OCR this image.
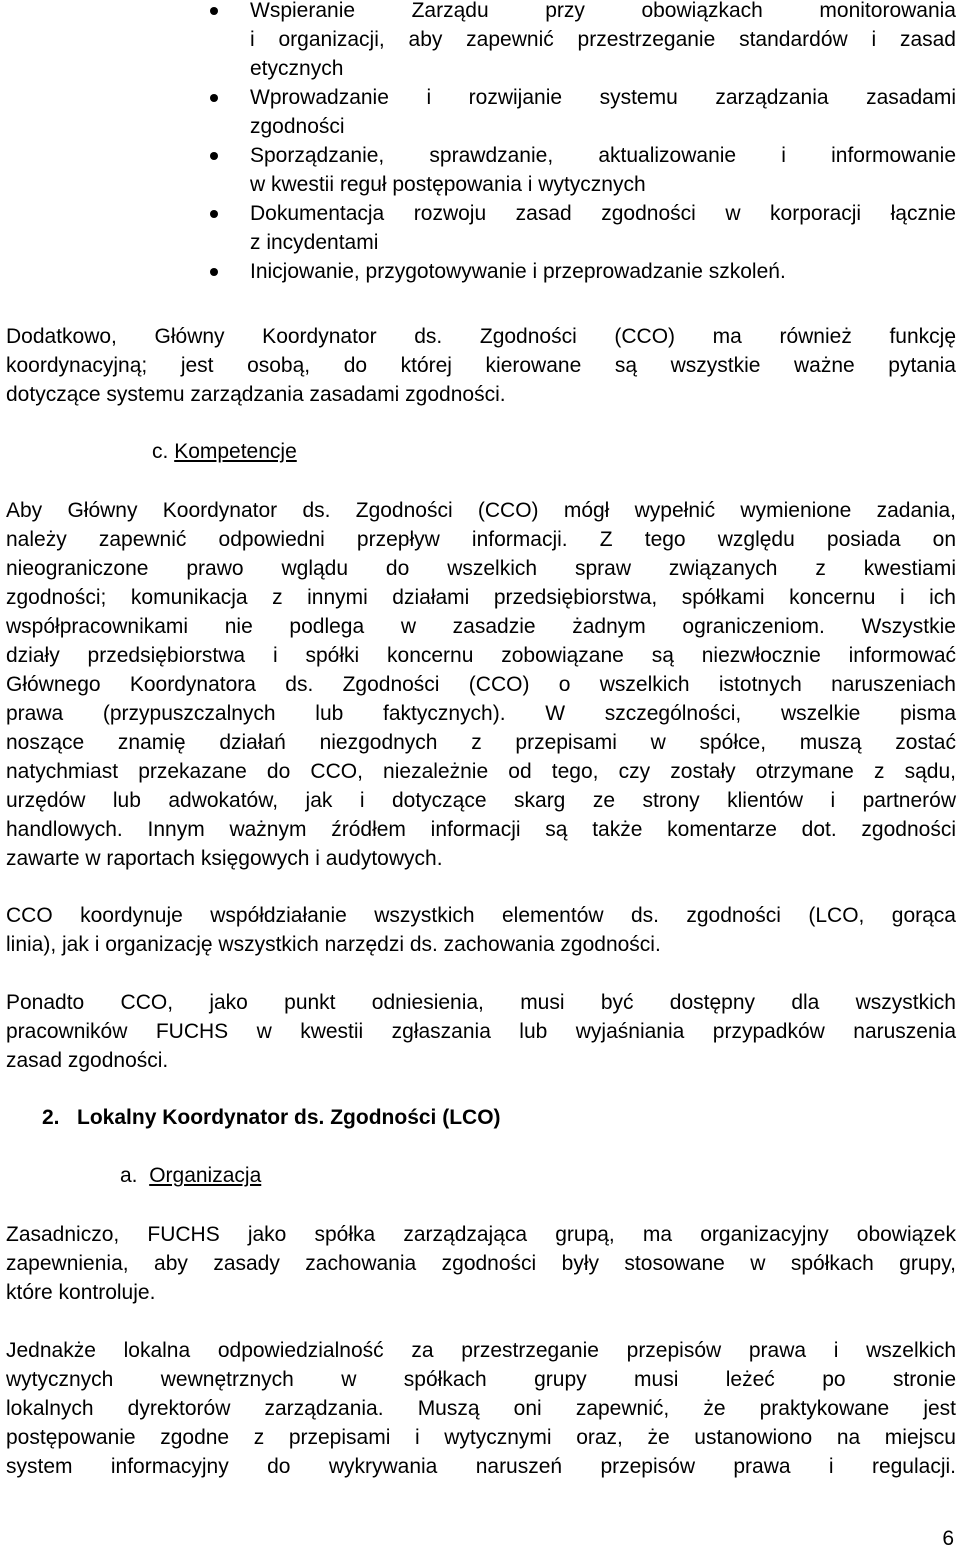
Wspieranie Zarządu przy obowiązkach monitorowania
i organizacji, aby zapewnić przestrzeganie standardów i zasad
etycznych
Wprowadzanie i rozwijanie systemu zarządzania zasadami
zgodności
Sporządzanie, sprawdzanie, aktualizowanie i informowanie
w kwestii reguł postępowania i wytycznych
Dokumentacja rozwoju zasad zgodności w korporacji łącznie
z incydentami
Inicjowanie, przygotowywanie i przeprowadzanie szkoleń.

Dodatkowo, Główny Koordynator ds. Zgodności (CCO) ma również funkcję

koordynacyjną; jest osobą, do której kierowane są wszystkie ważne pytania

dotyczące systemu zarządzania zasadami zgodności.

c. Kompetencje

Aby Główny Koordynator ds. Zgodności (CCO) mógł wypełnić wymienione zadania,

należy zapewnić odpowiedni przepływ informacji. Z tego względu posiada on

nieograniczone prawo wglądu do wszelkich spraw związanych z kwestiami

zgodności; komunikacja z innymi działami przedsiębiorstwa, spółkami koncernu i ich

współpracownikami nie podlega w zasadzie żadnym ograniczeniom. Wszystkie

działy przedsiębiorstwa i spółki koncernu zobowiązane są niezwłocznie informować

Głównego Koordynatora ds. Zgodności (CCO) o wszelkich istotnych naruszeniach

prawa (przypuszczalnych lub faktycznych). W szczególności, wszelkie pisma

noszące znamię działań niezgodnych z przepisami w spółce, muszą zostać

natychmiast przekazane do CCO, niezależnie od tego, czy zostały otrzymane z sądu,

urzędów lub adwokatów, jak i dotyczące skarg ze strony klientów i partnerów

handlowych. Innym ważnym źródłem informacji są także komentarze dot. zgodności

zawarte w raportach księgowych i audytowych.

CCO koordynuje współdziałanie wszystkich elementów ds. zgodności (LCO, gorąca

linia), jak i organizację wszystkich narzędzi ds. zachowania zgodności.

Ponadto CCO, jako punkt odniesienia, musi być dostępny dla wszystkich

pracowników FUCHS w kwestii zgłaszania lub wyjaśniania przypadków naruszenia

zasad zgodności.

2. Lokalny Koordynator ds. Zgodności (LCO)
a. Organizacja

Zasadniczo, FUCHS jako spółka zarządzająca grupą, ma organizacyjny obowiązek

zapewnienia, aby zasady zachowania zgodności były stosowane w spółkach grupy,

które kontroluje.

Jednakże lokalna odpowiedzialność za przestrzeganie przepisów prawa i wszelkich

wytycznych wewnętrznych w spółkach grupy musi leżeć po stronie

lokalnych dyrektorów zarządzania. Muszą oni zapewnić, że praktykowane jest

postępowanie zgodne z przepisami i wytycznymi oraz, że ustanowiono na miejscu

system informacyjny do wykrywania naruszeń przepisów prawa i regulacji.

6
